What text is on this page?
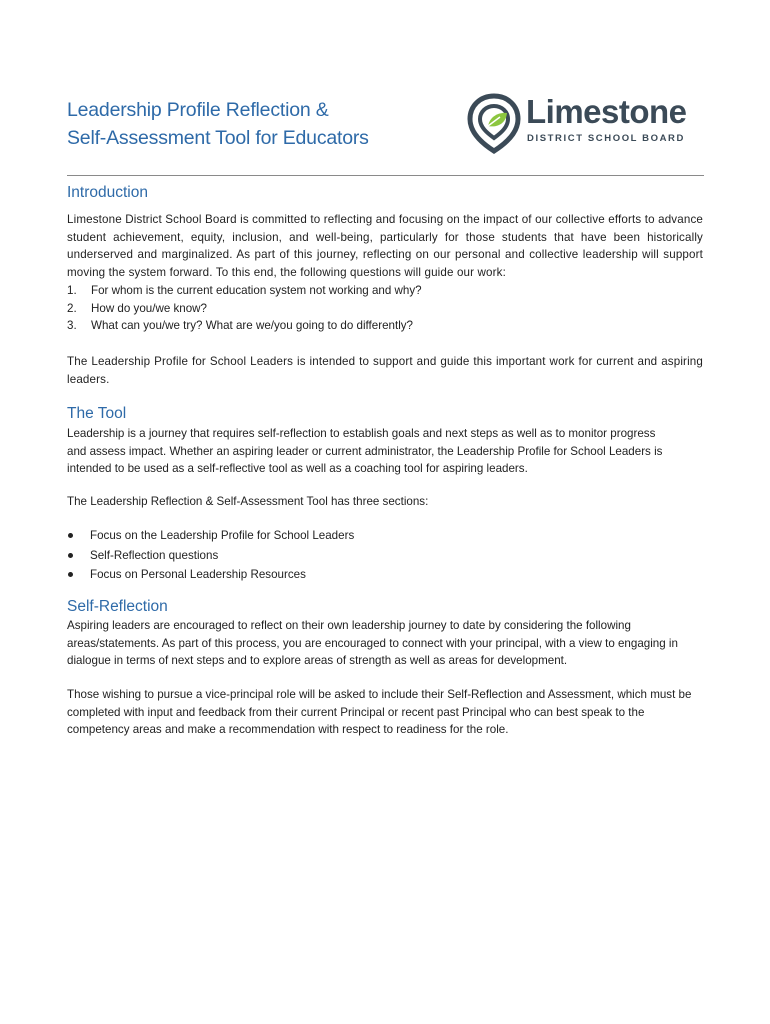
Leadership Profile Reflection &
Self-Assessment Tool for Educators
Limestone
DISTRICT SCHOOL BOARD
Introduction
Limestone District School Board is committed to reflecting and focusing on the impact of our collective efforts to advance student achievement, equity, inclusion, and well-being, particularly for those students that have been historically underserved and marginalized. As part of this journey, reflecting on our personal and collective leadership will support moving the system forward. To this end, the following questions will guide our work:
1. For whom is the current education system not working and why?
2. How do you/we know?
3. What can you/we try? What are we/you going to do differently?
The Leadership Profile for School Leaders is intended to support and guide this important work for current and aspiring leaders.
The Tool
Leadership is a journey that requires self-reflection to establish goals and next steps as well as to monitor progress and assess impact. Whether an aspiring leader or current administrator, the Leadership Profile for School Leaders is intended to be used as a self-reflective tool as well as a coaching tool for aspiring leaders.
The Leadership Reflection & Self-Assessment Tool has three sections:
Focus on the Leadership Profile for School Leaders
Self-Reflection questions
Focus on Personal Leadership Resources
Self-Reflection
Aspiring leaders are encouraged to reflect on their own leadership journey to date by considering the following areas/statements. As part of this process, you are encouraged to connect with your principal, with a view to engaging in dialogue in terms of next steps and to explore areas of strength as well as areas for development.
Those wishing to pursue a vice-principal role will be asked to include their Self-Reflection and Assessment, which must be completed with input and feedback from their current Principal or recent past Principal who can best speak to the competency areas and make a recommendation with respect to readiness for the role.
